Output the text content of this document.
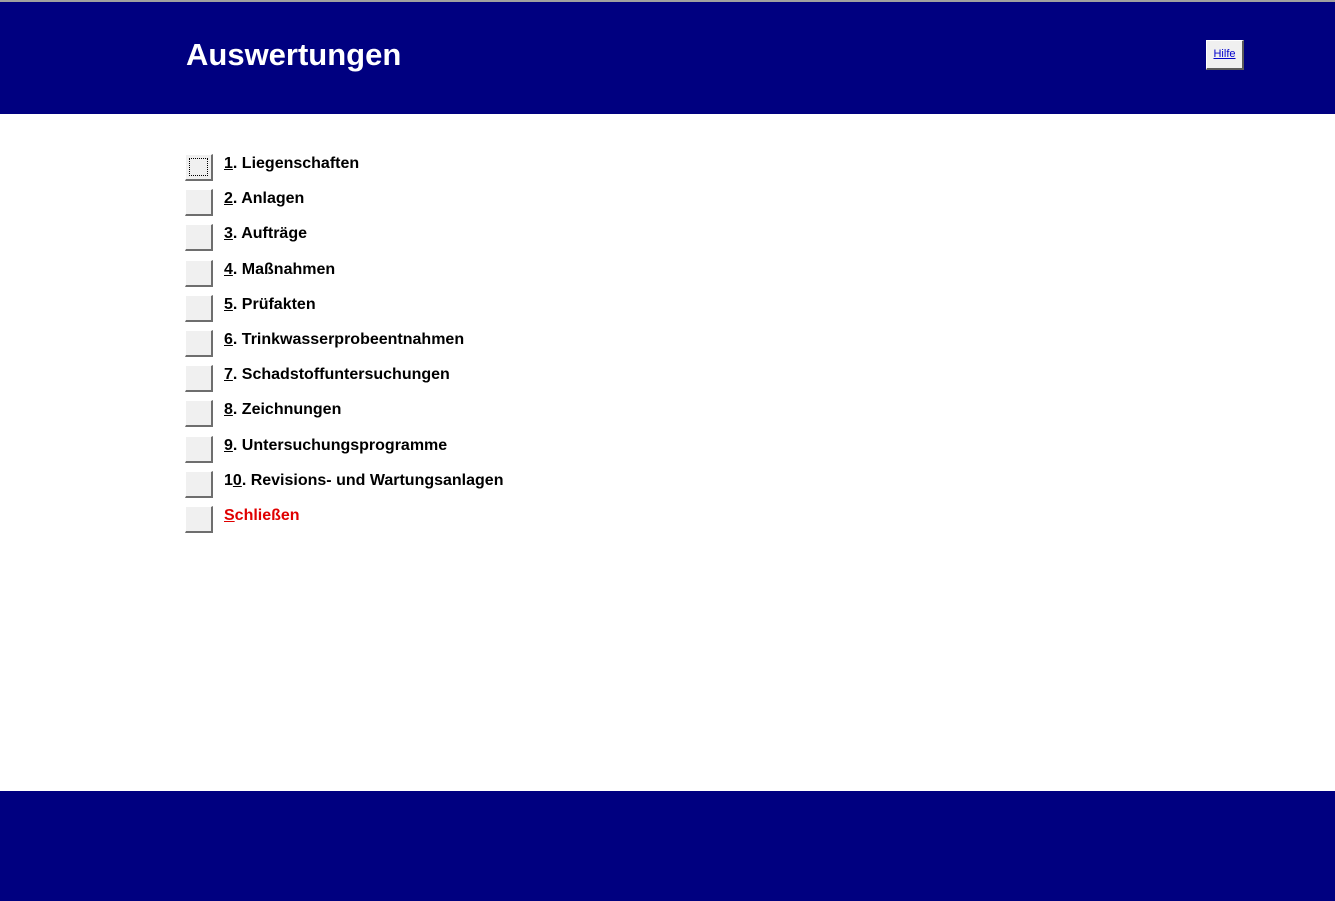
Auswertungen	Hilfe
1. Liegenschaften
2. Anlagen
3. Aufträge
4. Maßnahmen
5. Prüfakten
6. Trinkwasserprobeentnahmen
7. Schadstoffuntersuchungen
8. Zeichnungen
9. Untersuchungsprogramme
10. Revisions- und Wartungsanlagen
Schließen
